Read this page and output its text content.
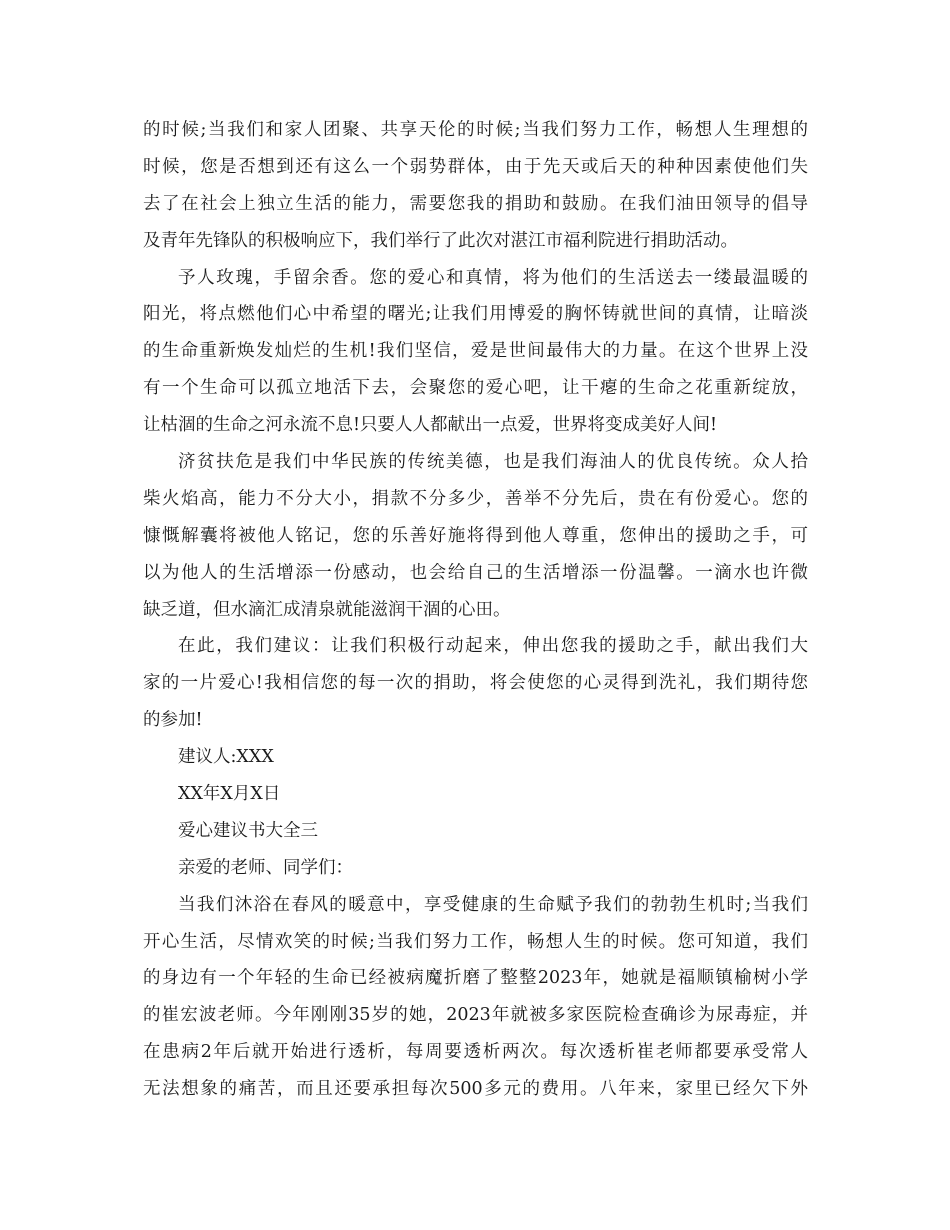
的时候;当我们和家人团聚、共享天伦的时候;当我们努力工作，畅想人生理想的
时候，您是否想到还有这么一个弱势群体，由于先天或后天的种种因素使他们失
去了在社会上独立生活的能力，需要您我的捐助和鼓励。在我们油田领导的倡导
及青年先锋队的积极响应下，我们举行了此次对湛江市福利院进行捐助活动。
予人玫瑰，手留余香。您的爱心和真情，将为他们的生活送去一缕最温暖的
阳光，将点燃他们心中希望的曙光;让我们用博爱的胸怀铸就世间的真情，让暗淡
的生命重新焕发灿烂的生机!我们坚信，爱是世间最伟大的力量。在这个世界上没
有一个生命可以孤立地活下去，会聚您的爱心吧，让干瘪的生命之花重新绽放，
让枯涸的生命之河永流不息!只要人人都献出一点爱，世界将变成美好人间!
济贫扶危是我们中华民族的传统美德，也是我们海油人的优良传统。众人拾
柴火焰高，能力不分大小，捐款不分多少，善举不分先后，贵在有份爱心。您的
慷慨解囊将被他人铭记，您的乐善好施将得到他人尊重，您伸出的援助之手，可
以为他人的生活增添一份感动，也会给自己的生活增添一份温馨。一滴水也许微
缺乏道，但水滴汇成清泉就能滋润干涸的心田。
在此，我们建议：让我们积极行动起来，伸出您我的援助之手，献出我们大
家的一片爱心!我相信您的每一次的捐助，将会使您的心灵得到洗礼，我们期待您
的参加!
建议人:XXX
XX年X月X日
爱心建议书大全三
亲爱的老师、同学们：
当我们沐浴在春风的暖意中，享受健康的生命赋予我们的勃勃生机时;当我们
开心生活，尽情欢笑的时候;当我们努力工作，畅想人生的时候。您可知道，我们
的身边有一个年轻的生命已经被病魔折磨了整整2023年，她就是福顺镇榆树小学
的崔宏波老师。今年刚刚35岁的她，2023年就被多家医院检查确诊为尿毒症，并
在患病2年后就开始进行透析，每周要透析两次。每次透析崔老师都要承受常人
无法想象的痛苦，而且还要承担每次500多元的费用。八年来，家里已经欠下外
